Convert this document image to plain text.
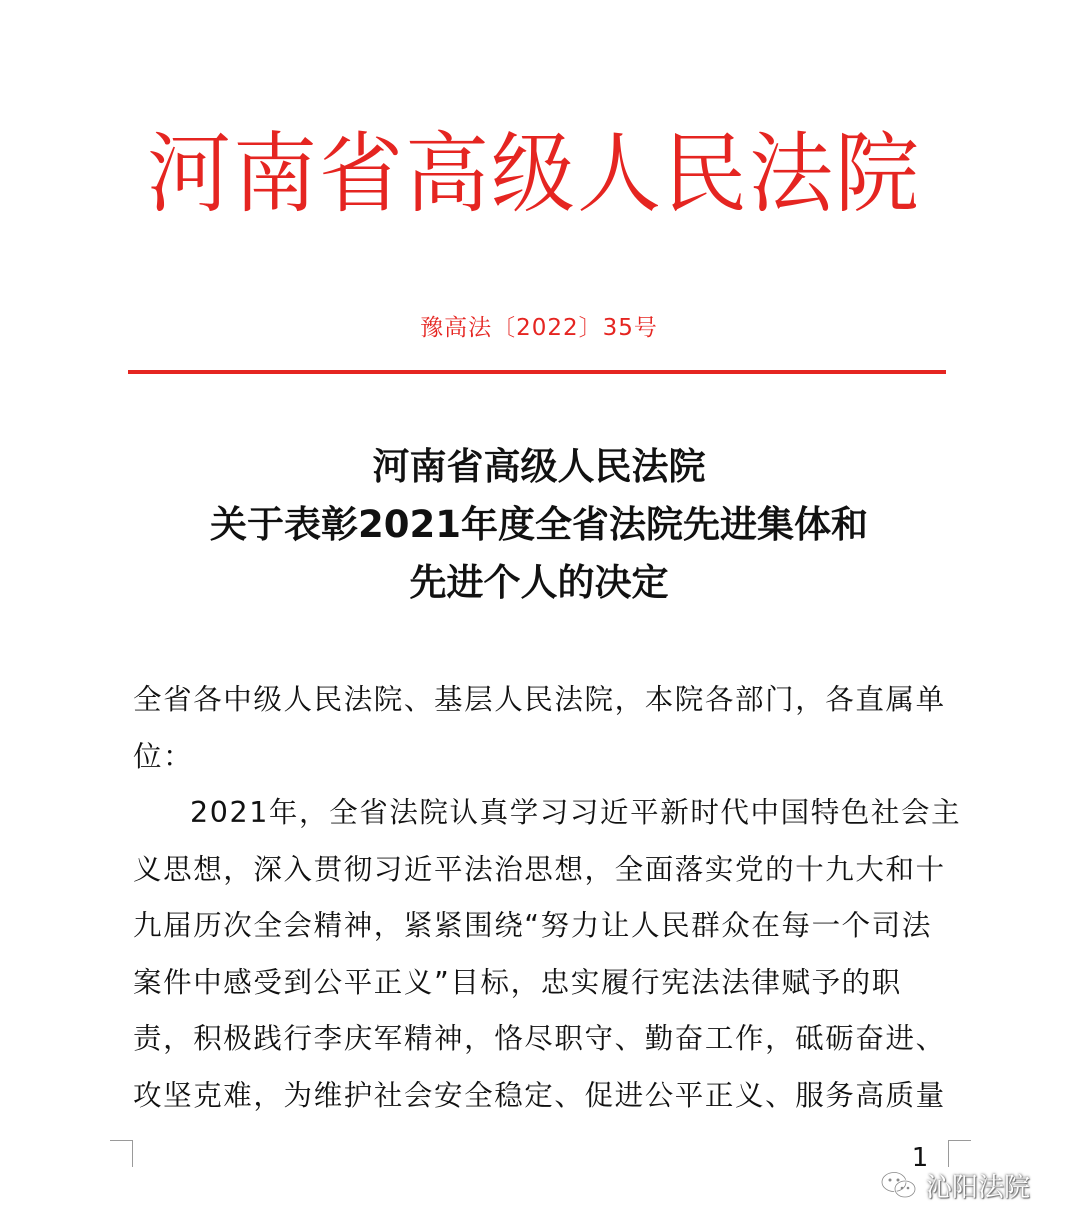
河南省高级人民法院
豫高法〔2022〕35号
河南省高级人民法院
关于表彰2021年度全省法院先进集体和
先进个人的决定
全省各中级人民法院、基层人民法院，本院各部门，各直属单
位：
2021年，全省法院认真学习习近平新时代中国特色社会主
义思想，深入贯彻习近平法治思想，全面落实党的十九大和十
九届历次全会精神，紧紧围绕“努力让人民群众在每一个司法
案件中感受到公平正义”目标，忠实履行宪法法律赋予的职
责，积极践行李庆军精神，恪尽职守、勤奋工作，砥砺奋进、
攻坚克难，为维护社会安全稳定、促进公平正义、服务高质量
1
沁阳法院
